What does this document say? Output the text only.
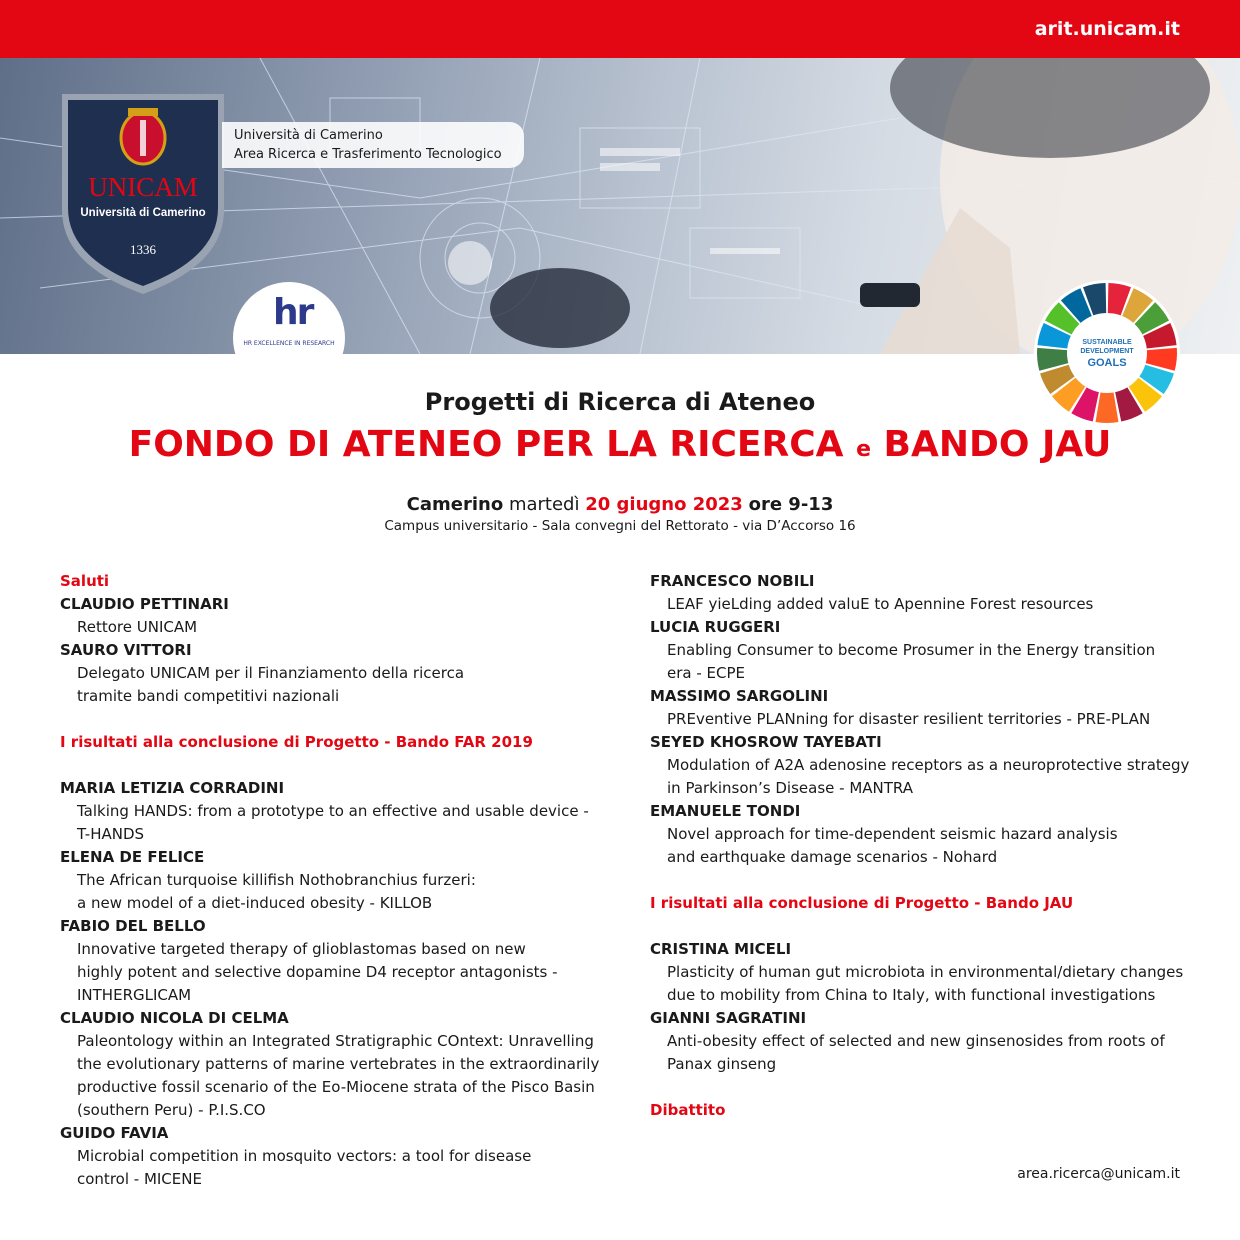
arit.unicam.it
UNICAM
Università di Camerino
1336
Università di Camerino
Area Ricerca e Trasferimento Tecnologico
hr
HR EXCELLENCE IN RESEARCH	SUSTAINABLE
DEVELOPMENT
GOALS
Progetti di Ricerca di Ateneo
FONDO DI ATENEO PER LA RICERCA e BANDO JAU
Camerino martedì 20 giugno 2023 ore 9-13
Campus universitario - Sala convegni del Rettorato - via D’Accorso 16
Saluti
CLAUDIO PETTINARI
Rettore UNICAM
SAURO VITTORI
Delegato UNICAM per il Finanziamento della ricerca
tramite bandi competitivi nazionali
I risultati alla conclusione di Progetto - Bando FAR 2019
MARIA LETIZIA CORRADINI
Talking HANDS: from a prototype to an effective and usable device -
T-HANDS
ELENA DE FELICE
The African turquoise killifish Nothobranchius furzeri:
a new model of a diet-induced obesity - KILLOB
FABIO DEL BELLO
Innovative targeted therapy of glioblastomas based on new
highly potent and selective dopamine D4 receptor antagonists -
INTHERGLICAM
CLAUDIO NICOLA DI CELMA
Paleontology within an Integrated Stratigraphic COntext: Unravelling
the evolutionary patterns of marine vertebrates in the extraordinarily
productive fossil scenario of the Eo-Miocene strata of the Pisco Basin
(southern Peru) - P.I.S.CO
GUIDO FAVIA
Microbial competition in mosquito vectors: a tool for disease
control - MICENE
FRANCESCO NOBILI
LEAF yieLding added valuE to Apennine Forest resources
LUCIA RUGGERI
Enabling Consumer to become Prosumer in the Energy transition
era - ECPE
MASSIMO SARGOLINI
PREventive PLANning for disaster resilient territories - PRE-PLAN
SEYED KHOSROW TAYEBATI
Modulation of A2A adenosine receptors as a neuroprotective strategy
in Parkinson’s Disease - MANTRA
EMANUELE TONDI
Novel approach for time-dependent seismic hazard analysis
and earthquake damage scenarios - Nohard
I risultati alla conclusione di Progetto - Bando JAU
CRISTINA MICELI
Plasticity of human gut microbiota in environmental/dietary changes
due to mobility from China to Italy, with functional investigations
GIANNI SAGRATINI
Anti-obesity effect of selected and new ginsenosides from roots of
Panax ginseng
Dibattito
area.ricerca@unicam.it
